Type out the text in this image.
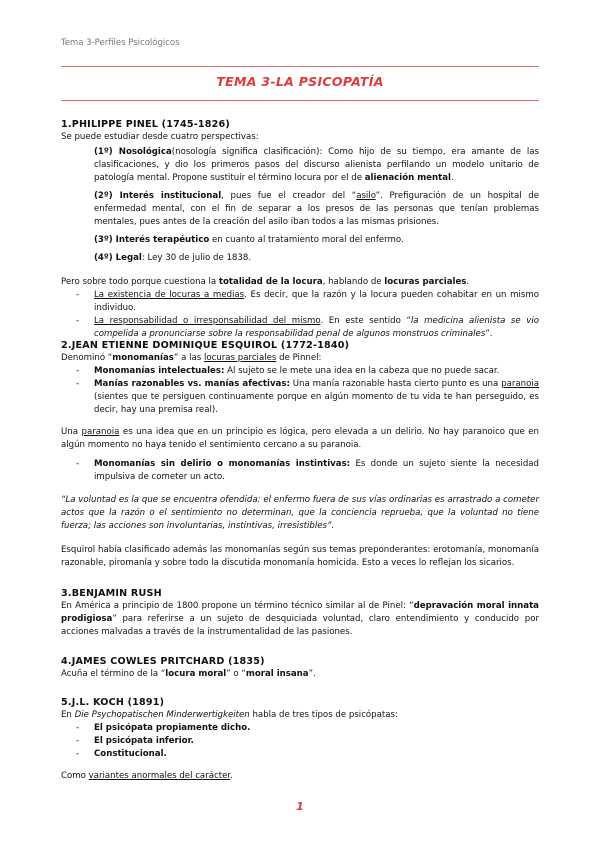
Tema 3-Perfiles Psicológicos
TEMA 3-LA PSICOPATÍA
1.PHILIPPE PINEL (1745-1826)

Se puede estudiar desde cuatro perspectivas:

(1º) Nosológica(nosología significa clasificación): Como hijo de su tiempo, era amante de las clasificaciones, y dio los primeros pasos del discurso alienista perfilando un modelo unitario de patología mental. Propone sustituir el término locura por el de alienación mental.

(2º) Interés institucional, pues fue el creador del “asilo”. Prefiguración de un hospital de enfermedad mental, con el fin de separar a los presos de las personas que tenían problemas mentales, pues antes de la creación del asilo iban todos a las mismas prisiones.

(3º) Interés terapéutico en cuanto al tratamiento moral del enfermo.

(4º) Legal: Ley 30 de julio de 1838.

Pero sobre todo porque cuestiona la totalidad de la locura, hablando de locuras parciales.

- La existencia de locuras a medias. Es decir, que la razón y la locura pueden cohabitar en un mismo individuo.
- La responsabilidad o irresponsabilidad del mismo. En este sentido “la medicina alienista se vio compelida a pronunciarse sobre la responsabilidad penal de algunos monstruos criminales”.
2.JEAN ETIENNE DOMINIQUE ESQUIROL (1772-1840)

Denominó “monomanías” a las locuras parciales de Pinnel:

- Monomanías intelectuales: Al sujeto se le mete una idea en la cabeza que no puede sacar.
- Manías razonables vs. manías afectivas: Una manía razonable hasta cierto punto es una paranoia (sientes que te persiguen continuamente porque en algún momento de tu vida te han perseguido, es decir, hay una premisa real).

Una paranoia es una idea que en un principio es lógica, pero elevada a un delirio. No hay paranoico que en algún momento no haya tenido el sentimiento cercano a su paranoia.

- Monomanías sin delirio o monomanías instintivas: Es donde un sujeto siente la necesidad impulsiva de cometer un acto.

“La voluntad es la que se encuentra ofendida: el enfermo fuera de sus vías ordinarias es arrastrado a cometer actos que la razón o el sentimiento no determinan, que la conciencia reprueba, que la voluntad no tiene fuerza; las acciones son involuntarias, instintivas, irresistibles”.

Esquirol había clasificado además las monomanías según sus temas preponderantes: erotomanía, monomanía razonable, piromanía y sobre todo la discutida monomanía homicida. Esto a veces lo reflejan los sicarios.

3.BENJAMIN RUSH

En América a principio de 1800 propone un término técnico similar al de Pinel: “depravación moral innata prodigiosa” para referirse a un sujeto de desquiciada voluntad, claro entendimiento y conducido por acciones malvadas a través de la instrumentalidad de las pasiones.

4.JAMES COWLES PRITCHARD (1835)

Acuña el término de la “locura moral” o “moral insana”.

5.J.L. KOCH (1891)

En Die Psychopatischen Minderwertigkeiten habla de tres tipos de psicópatas:

- El psicópata propiamente dicho.
- El psicópata inferior.
- Constitucional.

Como variantes anormales del carácter.

1
